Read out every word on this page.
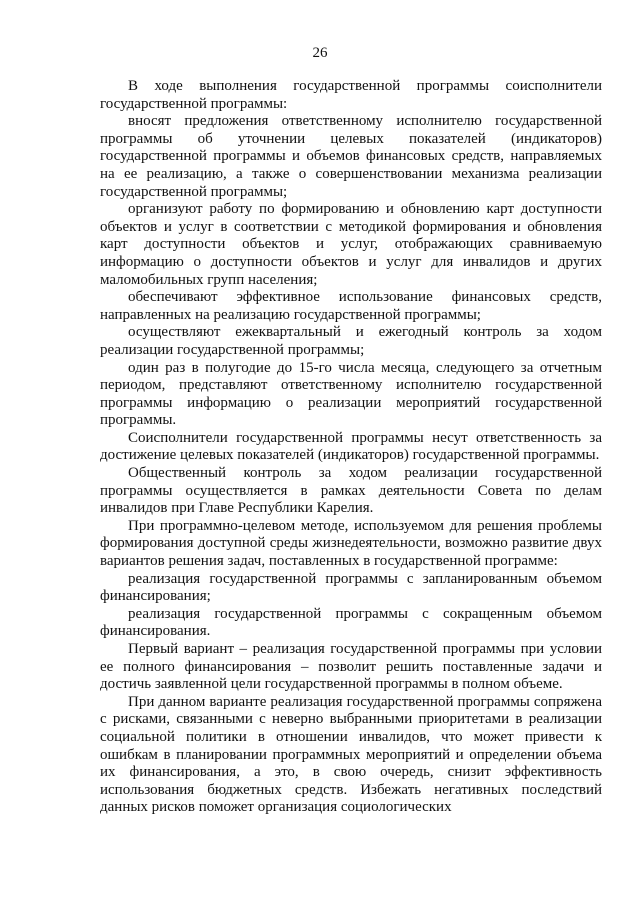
26

В ходе выполнения государственной программы соисполнители государственной программы:

вносят предложения ответственному исполнителю государственной программы об уточнении целевых показателей (индикаторов) государственной программы и объемов финансовых средств, направляемых на ее реализацию, а также о совершенствовании механизма реализации государственной программы;

организуют работу по формированию и обновлению карт доступности объектов и услуг в соответствии с методикой формирования и обновления карт доступности объектов и услуг, отображающих сравниваемую информацию о доступности объектов и услуг для инвалидов и других маломобильных групп населения;

обеспечивают эффективное использование финансовых средств, направленных на реализацию государственной программы;

осуществляют ежеквартальный и ежегодный контроль за ходом реализации государственной программы;

один раз в полугодие до 15-го числа месяца, следующего за отчетным периодом, представляют ответственному исполнителю государственной программы информацию о реализации мероприятий государственной программы.

Соисполнители государственной программы несут ответственность за достижение целевых показателей (индикаторов) государственной программы.

Общественный контроль за ходом реализации государственной программы осуществляется в рамках деятельности Совета по делам инвалидов при Главе Республики Карелия.

При программно-целевом методе, используемом для решения проблемы формирования доступной среды жизнедеятельности, возможно развитие двух вариантов решения задач, поставленных в государственной программе:

реализация государственной программы с запланированным объемом финансирования;

реализация государственной программы с сокращенным объемом финансирования.

Первый вариант – реализация государственной программы при условии ее полного финансирования – позволит решить поставленные задачи и достичь заявленной цели государственной программы в полном объеме.

При данном варианте реализация государственной программы сопряжена с рисками, связанными с неверно выбранными приоритетами в реализации социальной политики в отношении инвалидов, что может привести к ошибкам в планировании программных мероприятий и определении объема их финансирования, а это, в свою очередь, снизит эффективность использования бюджетных средств. Избежать негативных последствий данных рисков поможет организация социологических
